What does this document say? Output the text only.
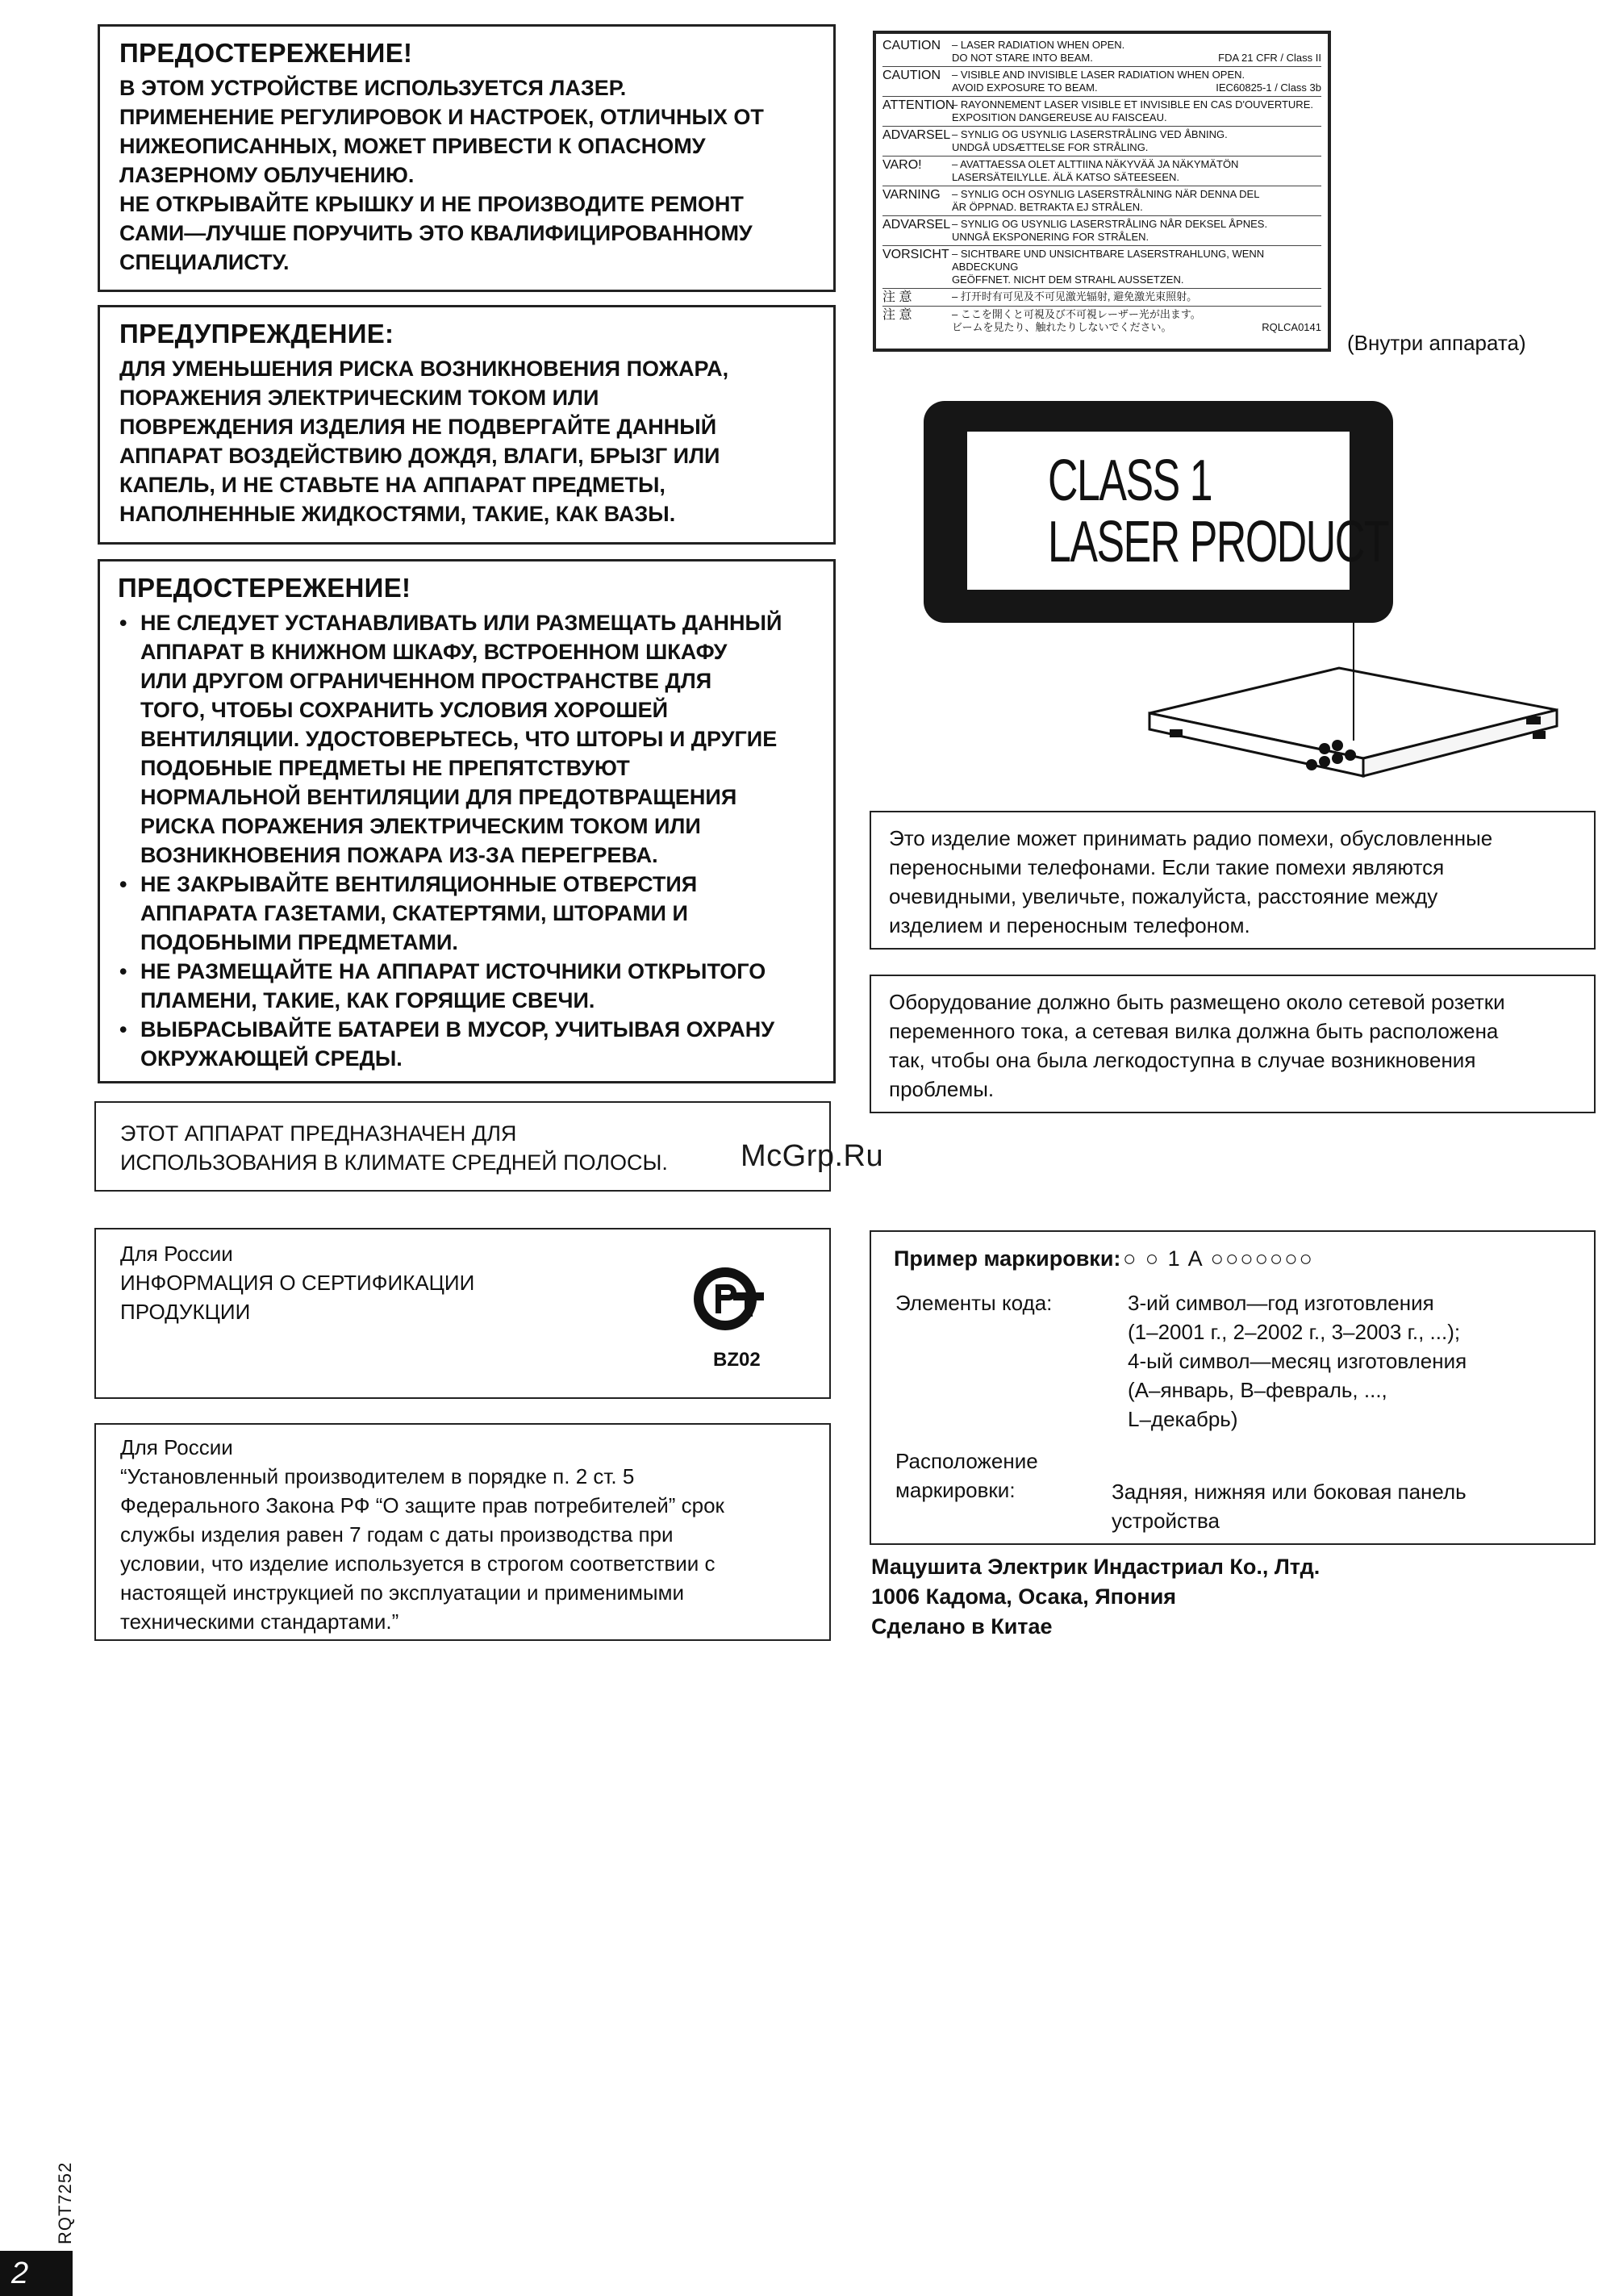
ПРЕДОСТЕРЕЖЕНИЕ!
В ЭТОМ УСТРОЙСТВЕ ИСПОЛЬЗУЕТСЯ ЛАЗЕР.
ПРИМЕНЕНИЕ РЕГУЛИРОВОК И НАСТРОЕК, ОТЛИЧНЫХ ОТ
НИЖЕОПИСАННЫХ, МОЖЕТ ПРИВЕСТИ К ОПАСНОМУ
ЛАЗЕРНОМУ ОБЛУЧЕНИЮ.
НЕ ОТКРЫВАЙТЕ КРЫШКУ И НЕ ПРОИЗВОДИТЕ РЕМОНТ
САМИ—ЛУЧШЕ ПОРУЧИТЬ ЭТО КВАЛИФИЦИРОВАННОМУ
СПЕЦИАЛИСТУ.
ПРЕДУПРЕЖДЕНИЕ:
ДЛЯ УМЕНЬШЕНИЯ РИСКА ВОЗНИКНОВЕНИЯ ПОЖАРА,
ПОРАЖЕНИЯ ЭЛЕКТРИЧЕСКИМ ТОКОМ ИЛИ
ПОВРЕЖДЕНИЯ ИЗДЕЛИЯ НЕ ПОДВЕРГАЙТЕ ДАННЫЙ
АППАРАТ ВОЗДЕЙСТВИЮ ДОЖДЯ, ВЛАГИ, БРЫЗГ ИЛИ
КАПЕЛЬ, И НЕ СТАВЬТЕ НА АППАРАТ ПРЕДМЕТЫ,
НАПОЛНЕННЫЕ ЖИДКОСТЯМИ, ТАКИЕ, КАК ВАЗЫ.
ПРЕДОСТЕРЕЖЕНИЕ!
• НЕ СЛЕДУЕТ УСТАНАВЛИВАТЬ ИЛИ РАЗМЕЩАТЬ ДАННЫЙ
АППАРАТ В КНИЖНОМ ШКАФУ, ВСТРОЕННОМ ШКАФУ
ИЛИ ДРУГОМ ОГРАНИЧЕННОМ ПРОСТРАНСТВЕ ДЛЯ
ТОГО, ЧТОБЫ СОХРАНИТЬ УСЛОВИЯ ХОРОШЕЙ
ВЕНТИЛЯЦИИ. УДОСТОВЕРЬТЕСЬ, ЧТО ШТОРЫ И ДРУГИЕ
ПОДОБНЫЕ ПРЕДМЕТЫ НЕ ПРЕПЯТСТВУЮТ
НОРМАЛЬНОЙ ВЕНТИЛЯЦИИ ДЛЯ ПРЕДОТВРАЩЕНИЯ
РИСКА ПОРАЖЕНИЯ ЭЛЕКТРИЧЕСКИМ ТОКОМ ИЛИ
ВОЗНИКНОВЕНИЯ ПОЖАРА ИЗ-ЗА ПЕРЕГРЕВА.
• НЕ ЗАКРЫВАЙТЕ ВЕНТИЛЯЦИОННЫЕ ОТВЕРСТИЯ
АППАРАТА ГАЗЕТАМИ, СКАТЕРТЯМИ, ШТОРАМИ И
ПОДОБНЫМИ ПРЕДМЕТАМИ.
• НЕ РАЗМЕЩАЙТЕ НА АППАРАТ ИСТОЧНИКИ ОТКРЫТОГО
ПЛАМЕНИ, ТАКИЕ, КАК ГОРЯЩИЕ СВЕЧИ.
• ВЫБРАСЫВАЙТЕ БАТАРЕИ В МУСОР, УЧИТЫВАЯ ОХРАНУ
ОКРУЖАЮЩЕЙ СРЕДЫ.
ЭТОТ АППАРАТ ПРЕДНАЗНАЧЕН ДЛЯ
ИСПОЛЬЗОВАНИЯ В КЛИМАТЕ СРЕДНЕЙ ПОЛОСЫ.
Для России
ИНФОРМАЦИЯ О СЕРТИФИКАЦИИ
ПРОДУКЦИИ
BZ02
Для России
“Установленный производителем в порядке п. 2 ст. 5
Федерального Закона РФ “О защите прав потребителей” срок
службы изделия равен 7 годам с даты производства при
условии, что изделие используется в строгом соответствии с
настоящей инструкцией по эксплуатации и применимыми
техническими стандартами.”
CAUTION	– LASER RADIATION WHEN OPEN.
DO NOT STARE INTO BEAM.	FDA 21 CFR / Class II
CAUTION	– VISIBLE AND INVISIBLE LASER RADIATION WHEN OPEN.
AVOID EXPOSURE TO BEAM.	IEC60825-1 / Class 3b
ATTENTION
– RAYONNEMENT LASER VISIBLE ET INVISIBLE EN CAS D'OUVERTURE.
EXPOSITION DANGEREUSE AU FAISCEAU.
ADVARSEL – SYNLIG OG USYNLIG LASERSTRÅLING VED ÅBNING.
UNDGÅ UDSÆTTELSE FOR STRÅLING.
VARO!	– AVATTAESSA OLET ALTTIINA NÄKYVÄÄ JA NÄKYMÄTÖN
LASERSÄTEILYLLE. ÄLÄ KATSO SÄTEESEEN.
VARNING	– SYNLIG OCH OSYNLIG LASERSTRÅLNING NÄR DENNA DEL
ÄR ÖPPNAD. BETRAKTA EJ STRÅLEN.
ADVARSEL – SYNLIG OG USYNLIG LASERSTRÅLING NÅR DEKSEL ÅPNES.
UNNGÅ EKSPONERING FOR STRÅLEN.
VORSICHT – SICHTBARE UND UNSICHTBARE LASERSTRAHLUNG, WENN ABDECKUNG
GEÖFFNET. NICHT DEM STRAHL AUSSETZEN.
注 意	– 打开时有可见及不可见激光辐射, 避免激光束照射。
注 意	– ここを開くと可視及び不可視レーザー光が出ます。
ビームを見たり、触れたりしないでください。	RQLCA0141
(Внутри аппарата)
CLASS 1
LASER PRODUCT
Это изделие может принимать радио помехи, обусловленные
переносными телефонами. Если такие помехи являются
очевидными, увеличьте, пожалуйста, расстояние между
изделием и переносным телефоном.
Оборудование должно быть размещено около сетевой розетки
переменного тока, а сетевая вилка должна быть расположена
так, чтобы она была легкодоступна в случае возникновения
проблемы.
McGrp.Ru
Пример маркировки: ○ ○ 1 A ○○○○○○○
Элементы кода:	3-ий символ—год изготовления
(1–2001 г., 2–2002 г., 3–2003 г., ...);
4-ый символ—месяц изготовления
(A–январь, B–февраль, ...,
L–декабрь)
Расположение
маркировки:	Задняя, нижняя или боковая панель
устройства
Мацушита Электрик Индастриал Ко., Лтд.
1006 Кадома, Осака, Япония
Сделано в Китае
RQT7252
2
